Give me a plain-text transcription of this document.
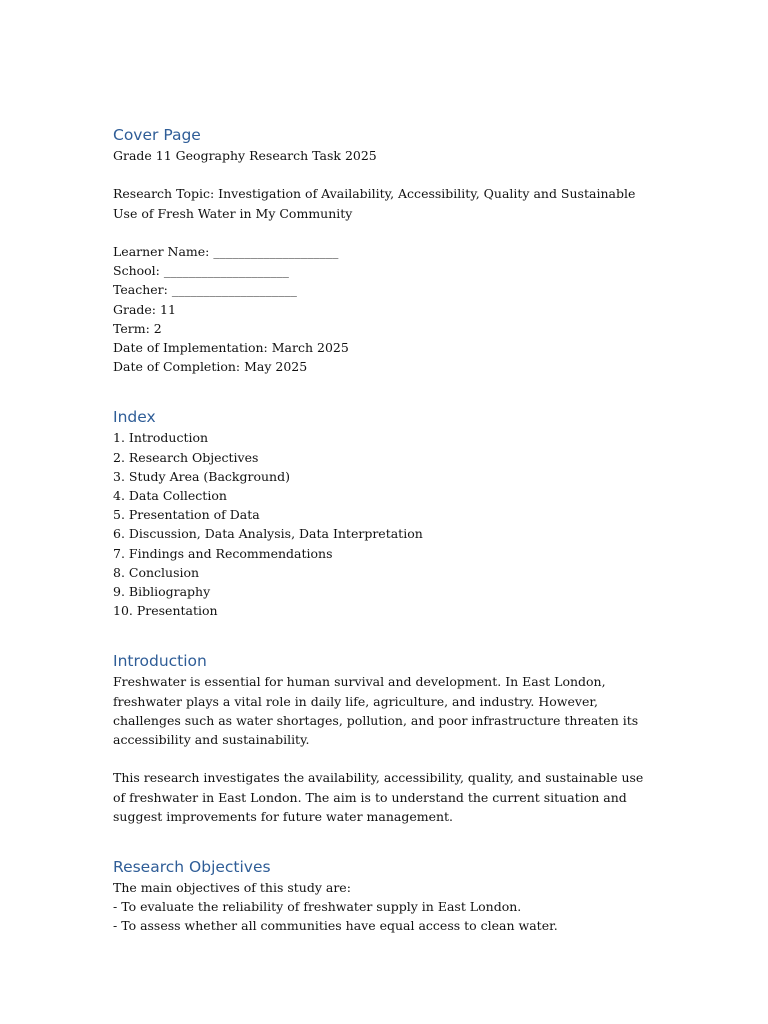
Cover Page

Grade 11 Geography Research Task 2025

Research Topic: Investigation of Availability, Accessibility, Quality and Sustainable Use of Fresh Water in My Community

Learner Name: ____________________

School: ____________________

Teacher: ____________________

Grade: 11

Term: 2

Date of Implementation: March 2025

Date of Completion: May 2025

Index

1. Introduction

2. Research Objectives

3. Study Area (Background)

4. Data Collection

5. Presentation of Data

6. Discussion, Data Analysis, Data Interpretation

7. Findings and Recommendations

8. Conclusion

9. Bibliography

10. Presentation

Introduction

Freshwater is essential for human survival and development. In East London, freshwater plays a vital role in daily life, agriculture, and industry. However, challenges such as water shortages, pollution, and poor infrastructure threaten its accessibility and sustainability.

This research investigates the availability, accessibility, quality, and sustainable use of freshwater in East London. The aim is to understand the current situation and suggest improvements for future water management.

Research Objectives

The main objectives of this study are:

- To evaluate the reliability of freshwater supply in East London.

- To assess whether all communities have equal access to clean water.
